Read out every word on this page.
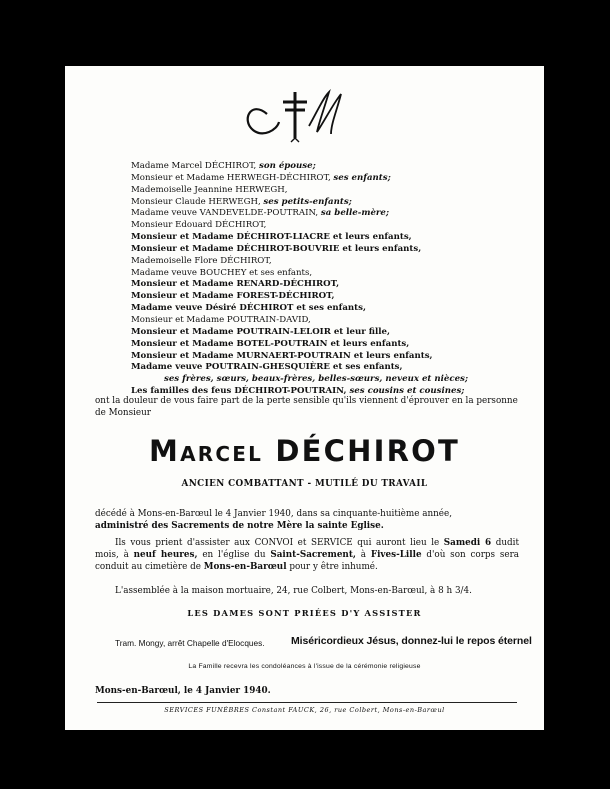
Madame Marcel DÉCHIROT, son épouse;
Monsieur et Madame HERWEGH-DÉCHIROT, ses enfants;
Mademoiselle Jeannine HERWEGH,
Monsieur Claude HERWEGH, ses petits-enfants;
Madame veuve VANDEVELDE-POUTRAIN, sa belle-mère;
Monsieur Edouard DÉCHIROT,
Monsieur et Madame DÉCHIROT-LIACRE et leurs enfants,
Monsieur et Madame DÉCHIROT-BOUVRIE et leurs enfants,
Mademoiselle Flore DÉCHIROT,
Madame veuve BOUCHEY et ses enfants,
Monsieur et Madame RENARD-DÉCHIROT,
Monsieur et Madame FOREST-DÉCHIROT,
Madame veuve Désiré DÉCHIROT et ses enfants,
Monsieur et Madame POUTRAIN-DAVID,
Monsieur et Madame POUTRAIN-LELOIR et leur fille,
Monsieur et Madame BOTEL-POUTRAIN et leurs enfants,
Monsieur et Madame MURNAERT-POUTRAIN et leurs enfants,
Madame veuve POUTRAIN-GHESQUIÈRE et ses enfants,
ses frères, sœurs, beaux-frères, belles-sœurs, neveux et nièces;
Les familles des feus DÉCHIROT-POUTRAIN, ses cousins et cousines;
ont la douleur de vous faire part de la perte sensible qu'ils viennent d'éprouver en la personne de Monsieur
Marcel DÉCHIROT
ANCIEN COMBATTANT - MUTILÉ DU TRAVAIL
décédé à Mons-en-Barœul le 4 Janvier 1940, dans sa cinquante-huitième année,
administré des Sacrements de notre Mère la sainte Eglise.
Ils vous prient d'assister aux CONVOI et SERVICE qui auront lieu le Samedi 6 dudit mois, à neuf heures, en l'église du Saint-Sacrement, à Fives-Lille d'où son corps sera conduit au cimetière de Mons-en-Barœul pour y être inhumé.
L'assemblée à la maison mortuaire, 24, rue Colbert, Mons-en-Barœul, à 8 h 3/4.
LES DAMES SONT PRIÉES D'Y ASSISTER
Tram. Mongy, arrêt Chapelle d'Elocques.	Miséricordieux Jésus, donnez-lui le repos éternel
La Famille recevra les condoléances à l'issue de la cérémonie religieuse
Mons-en-Barœul, le 4 Janvier 1940.
SERVICES FUNÈBRES Constant FAUCK, 26, rue Colbert, Mons-en-Barœul
